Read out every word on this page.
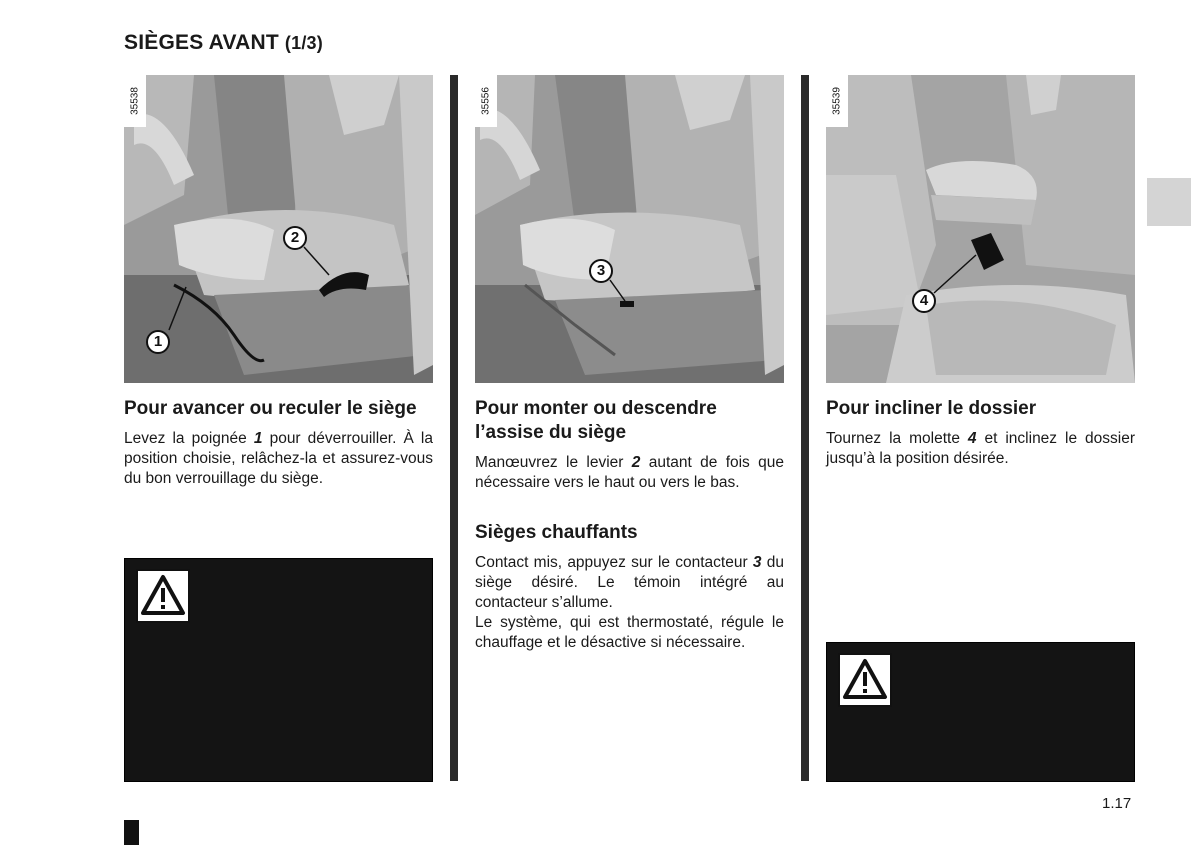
SIÈGES AVANT (1/3)
35538
1
2
Pour avancer ou reculer le siège

Levez la poignée 1 pour déverrouiller. À la position choisie, relâchez-la et assurez-vous du bon verrouillage du siège.

35556
3
Pour monter ou descendre l’assise du siège

Manœuvrez le levier 2 autant de fois que nécessaire vers le haut ou vers le bas.

Sièges chauffants

Contact mis, appuyez sur le contacteur 3 du siège désiré. Le témoin intégré au contacteur s’allume.

Le système, qui est thermostaté, régule le chauffage et le désactive si nécessaire.

35539
4
Pour incliner le dossier

Tournez la molette 4 et inclinez le dossier jusqu’à la position désirée.

1.17
